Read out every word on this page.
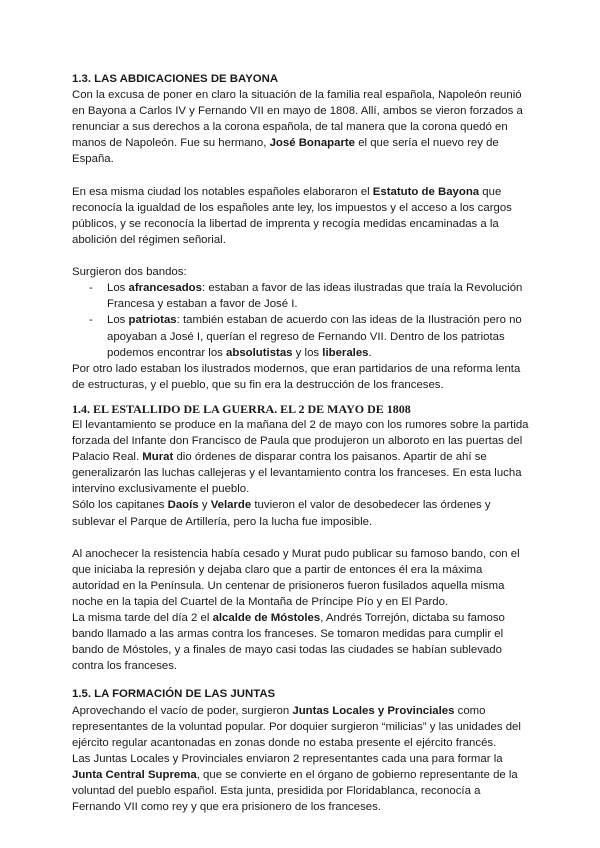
1.3. LAS ABDICACIONES DE BAYONA

Con la excusa de poner en claro la situación de la familia real española, Napoleón reunió en Bayona a Carlos IV y Fernando VII en mayo de 1808. Allí, ambos se vieron forzados a renunciar a sus derechos a la corona española, de tal manera que la corona quedó en manos de Napoleón. Fue su hermano, José Bonaparte el que sería el nuevo rey de España.

En esa misma ciudad los notables españoles elaboraron el Estatuto de Bayona que reconocía la igualdad de los españoles ante ley, los impuestos y el acceso a los cargos públicos, y se reconocía la libertad de imprenta y recogía medidas encaminadas a la abolición del régimen señorial.

Surgieron dos bandos:

- Los afrancesados: estaban a favor de las ideas ilustradas que traía la Revolución Francesa y estaban a favor de José I.
- Los patriotas: también estaban de acuerdo con las ideas de la Ilustración pero no apoyaban a José I, querían el regreso de Fernando VII. Dentro de los patriotas podemos encontrar los absolutistas y los liberales.

Por otro lado estaban los ilustrados modernos, que eran partidarios de una reforma lenta de estructuras, y el pueblo, que su fin era la destrucción de los franceses.

1.4. EL ESTALLIDO DE LA GUERRA. EL 2 DE MAYO DE 1808

El levantamiento se produce en la mañana del 2 de mayo con los rumores sobre la partida forzada del Infante don Francisco de Paula que produjeron un alboroto en las puertas del Palacio Real. Murat dio órdenes de disparar contra los paisanos. Apartir de ahí se generalizarón las luchas callejeras y el levantamiento contra los franceses. En esta lucha intervino exclusivamente el pueblo.

Sólo los capitanes Daoís y Velarde tuvieron el valor de desobedecer las órdenes y sublevar el Parque de Artillería, pero la lucha fue imposible.

Al anochecer la resistencia había cesado y Murat pudo publicar su famoso bando, con el que iniciaba la represión y dejaba claro que a partir de entonces él era la máxima autoridad en la Península. Un centenar de prisioneros fueron fusilados aquella misma noche en la tapia del Cuartel de la Montaña de Príncipe Pío y en El Pardo.

La misma tarde del día 2 el alcalde de Móstoles, Andrés Torrejón, dictaba su famoso bando llamado a las armas contra los franceses. Se tomaron medidas para cumplir el bando de Móstoles, y a finales de mayo casi todas las ciudades se habían sublevado contra los franceses.

1.5. LA FORMACIÓN DE LAS JUNTAS

Aprovechando el vacío de poder, surgieron Juntas Locales y Provinciales como representantes de la voluntad popular. Por doquier surgieron “milicias” y las unidades del ejército regular acantonadas en zonas donde no estaba presente el ejército francés.

Las Juntas Locales y Provinciales enviaron 2 representantes cada una para formar la Junta Central Suprema, que se convierte en el órgano de gobierno representante de la voluntad del pueblo español. Esta junta, presidida por Floridablanca, reconocía a Fernando VII como rey y que era prisionero de los franceses.
